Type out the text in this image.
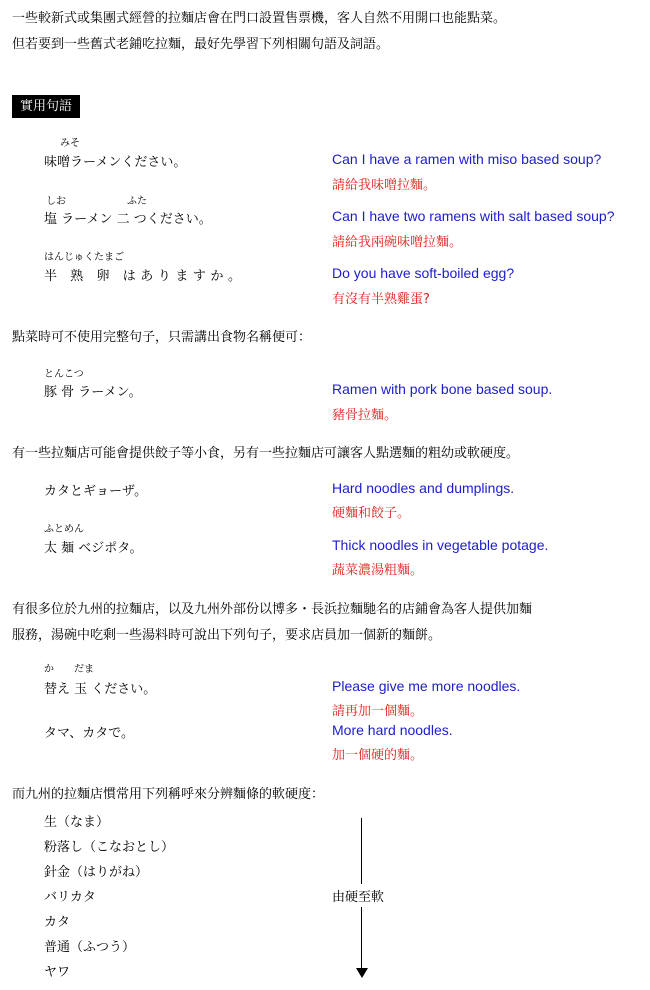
一些較新式或集團式經營的拉麵店會在門口設置售票機，客人自然不用開口也能點菜。
但若要到一些舊式老鋪吃拉麵，最好先學習下列相關句語及詞語。
實用句語
みそ
味噌ラーメンください。	Can I have a ramen with miso based soup?
請給我味噌拉麵。
しお	ふた
塩 ラーメン 二 つください。	Can I have two ramens with salt based soup?
請給我兩碗味噌拉麵。
はんじゅくたまご
半 熟 卵 はありますか。	Do you have soft-boiled egg?
有沒有半熟雞蛋?
點菜時可不使用完整句子，只需講出食物名稱便可：
とんこつ
豚 骨 ラーメン。	Ramen with pork bone based soup.
豬骨拉麵。
有一些拉麵店可能會提供餃子等小食，另有一些拉麵店可讓客人點選麵的粗幼或軟硬度。
カタとギョーザ。	Hard noodles and dumplings.
硬麵和餃子。
ふとめん
太 麺 ベジポタ。	Thick noodles in vegetable potage.
蔬菜濃湯粗麵。
有很多位於九州的拉麵店，以及九州外部份以博多・長浜拉麵馳名的店鋪會為客人提供加麵
服務，湯碗中吃剩一些湯料時可說出下列句子，要求店員加一個新的麵餅。
か だま
替え 玉 ください。	Please give me more noodles.
請再加一個麵。
タマ、カタで。	More hard noodles.
加一個硬的麵。
而九州的拉麵店慣常用下列稱呼來分辨麵條的軟硬度：
生（なま）
粉落し（こなおとし）
針金（はりがね）
バリカタ
カタ
普通（ふつう）
ヤワ
由硬至軟
